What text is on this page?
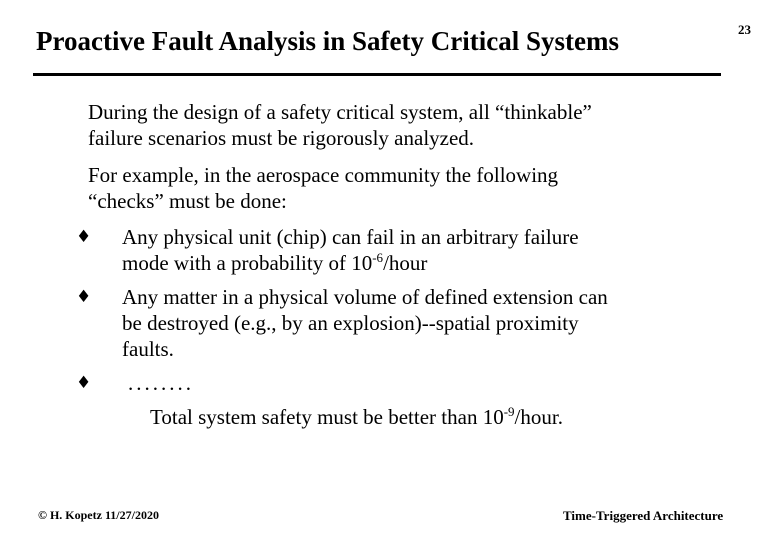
Proactive Fault Analysis in Safety Critical Systems	23
During the design of a safety critical system, all “thinkable”
failure scenarios must be rigorously analyzed.
For example, in the aerospace community the following
“checks” must be done:
♦ Any physical unit (chip) can fail in an arbitrary failure
mode with a probability of $10^{-6}$/hour
♦ Any matter in a physical volume of defined extension can
be destroyed (e.g., by an explosion)--spatial proximity
faults.
♦ ........
Total system safety must be better than $10^{-9}$/hour.
© H. Kopetz 11/27/2020	Time-Triggered Architecture
